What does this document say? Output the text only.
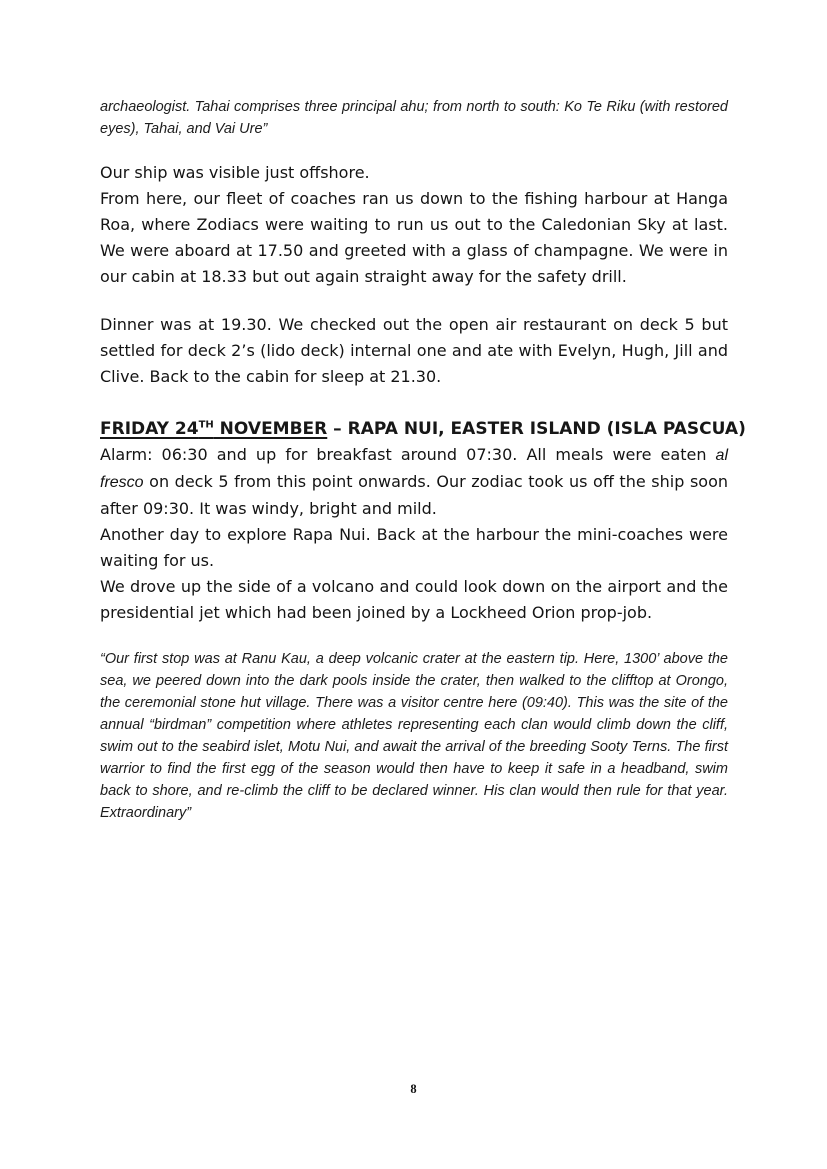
archaeologist. Tahai comprises three principal ahu; from north to south: Ko Te Riku (with restored eyes), Tahai, and Vai Ure”

Our ship was visible just offshore.

From here, our fleet of coaches ran us down to the fishing harbour at Hanga Roa, where Zodiacs were waiting to run us out to the Caledonian Sky at last. We were aboard at 17.50 and greeted with a glass of champagne. We were in our cabin at 18.33 but out again straight away for the safety drill.

Dinner was at 19.30. We checked out the open air restaurant on deck 5 but settled for deck 2’s (lido deck) internal one and ate with Evelyn, Hugh, Jill and Clive. Back to the cabin for sleep at 21.30.

FRIDAY 24TH NOVEMBER – RAPA NUI, EASTER ISLAND (ISLA PASCUA)

Alarm: 06:30 and up for breakfast around 07:30. All meals were eaten al fresco on deck 5 from this point onwards. Our zodiac took us off the ship soon after 09:30. It was windy, bright and mild.

Another day to explore Rapa Nui. Back at the harbour the mini-coaches were waiting for us.

We drove up the side of a volcano and could look down on the airport and the presidential jet which had been joined by a Lockheed Orion prop-job.

“Our first stop was at Ranu Kau, a deep volcanic crater at the eastern tip. Here, 1300’ above the sea, we peered down into the dark pools inside the crater, then walked to the clifftop at Orongo, the ceremonial stone hut village. There was a visitor centre here (09:40). This was the site of the annual “birdman” competition where athletes representing each clan would climb down the cliff, swim out to the seabird islet, Motu Nui, and await the arrival of the breeding Sooty Terns. The first warrior to find the first egg of the season would then have to keep it safe in a headband, swim back to shore, and re-climb the cliff to be declared winner. His clan would then rule for that year. Extraordinary”

8
